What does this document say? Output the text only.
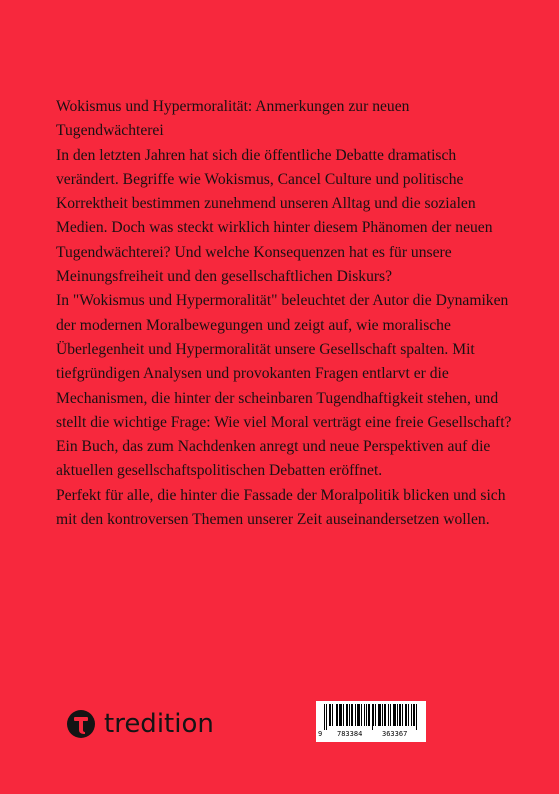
Wokismus und Hypermoralität: Anmerkungen zur neuen Tugendwächterei

In den letzten Jahren hat sich die öffentliche Debatte dramatisch verändert. Begriffe wie Wokismus, Cancel Culture und politische Korrektheit bestimmen zunehmend unseren Alltag und die sozialen Medien. Doch was steckt wirklich hinter diesem Phänomen der neuen Tugendwächterei? Und welche Konsequenzen hat es für unsere Meinungsfreiheit und den gesellschaftlichen Diskurs?

In "Wokismus und Hypermoralität" beleuchtet der Autor die Dynamiken der modernen Moralbewegungen und zeigt auf, wie moralische Überlegenheit und Hypermoralität unsere Gesellschaft spalten. Mit tiefgründigen Analysen und provokanten Fragen entlarvt er die Mechanismen, die hinter der scheinbaren Tugendhaftigkeit stehen, und stellt die wichtige Frage: Wie viel Moral verträgt eine freie Gesellschaft?

Ein Buch, das zum Nachdenken anregt und neue Perspektiven auf die aktuellen gesellschaftspolitischen Debatten eröffnet.

Perfekt für alle, die hinter die Fassade der Moralpolitik blicken und sich mit den kontroversen Themen unserer Zeit auseinandersetzen wollen.

tredition	9 783384	363367
